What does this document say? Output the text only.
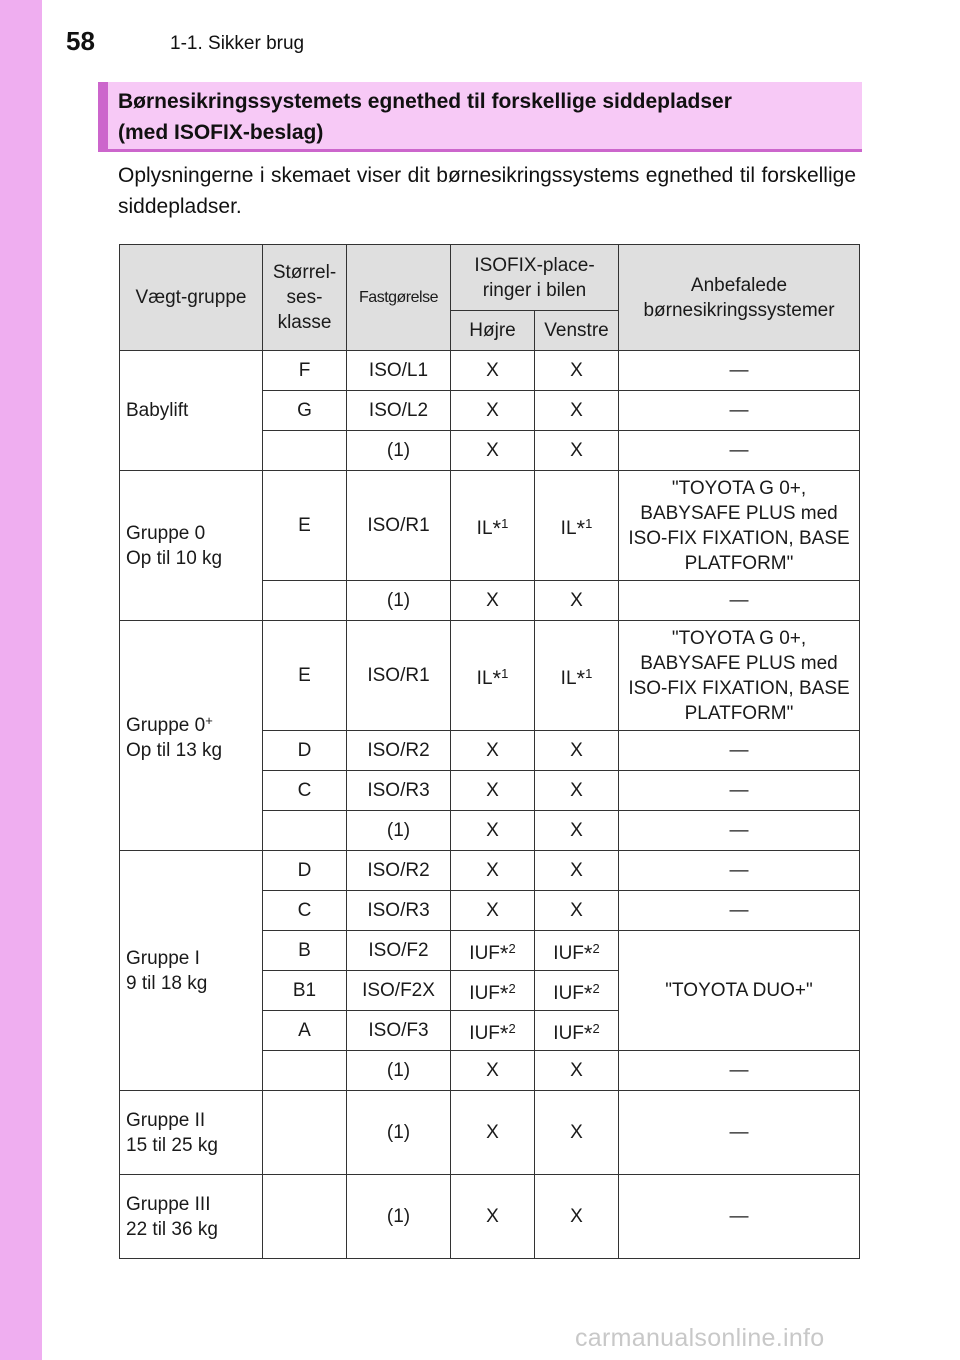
58	1-1. Sikker brug
Børnesikringssystemets egnethed til forskellige siddepladser
(med ISOFIX-beslag)
Oplysningerne i skemaet viser dit børnesikringssystems egnethed til forskellige siddepladser.
Vægt-gruppe	Størrel-ses-klasse	Fastgørelse	ISOFIX-place-ringer i bilen		Anbefalede børnesikringssystemer
			Højre	Venstre	
Babylift	F	ISO/L1	X	X	—
	G	ISO/L2	X	X	—
		(1)	X	X	—

Gruppe 0
Op til 10 kg	E	ISO/R1	IL*$^1$	IL*$^1$	"TOYOTA G 0+, BABYSAFE PLUS med ISO-FIX FIXATION, BASE PLATFORM"
		(1)	X	X	—

Gruppe 0+
Op til 13 kg	E	ISO/R1	IL*$^1$	IL*$^1$	"TOYOTA G 0+, BABYSAFE PLUS med ISO-FIX FIXATION, BASE PLATFORM"
	D	ISO/R2	X	X	—
	C	ISO/R3	X	X	—
		(1)	X	X	—

Gruppe I
9 til 18 kg	D	ISO/R2	X	X	—
	C	ISO/R3	X	X	—
	B	ISO/F2	IUF*$^2$	IUF*$^2$	"TOYOTA DUO+"
	B1	ISO/F2X	IUF*$^2$	IUF*$^2$
	A	ISO/F3	IUF*$^2$	IUF*$^2$
		(1)	X	X	—

Gruppe II
15 til 25 kg		(1)	X	X	—

Gruppe III
22 til 36 kg		(1)	X	X	—
carmanualsonline.info
